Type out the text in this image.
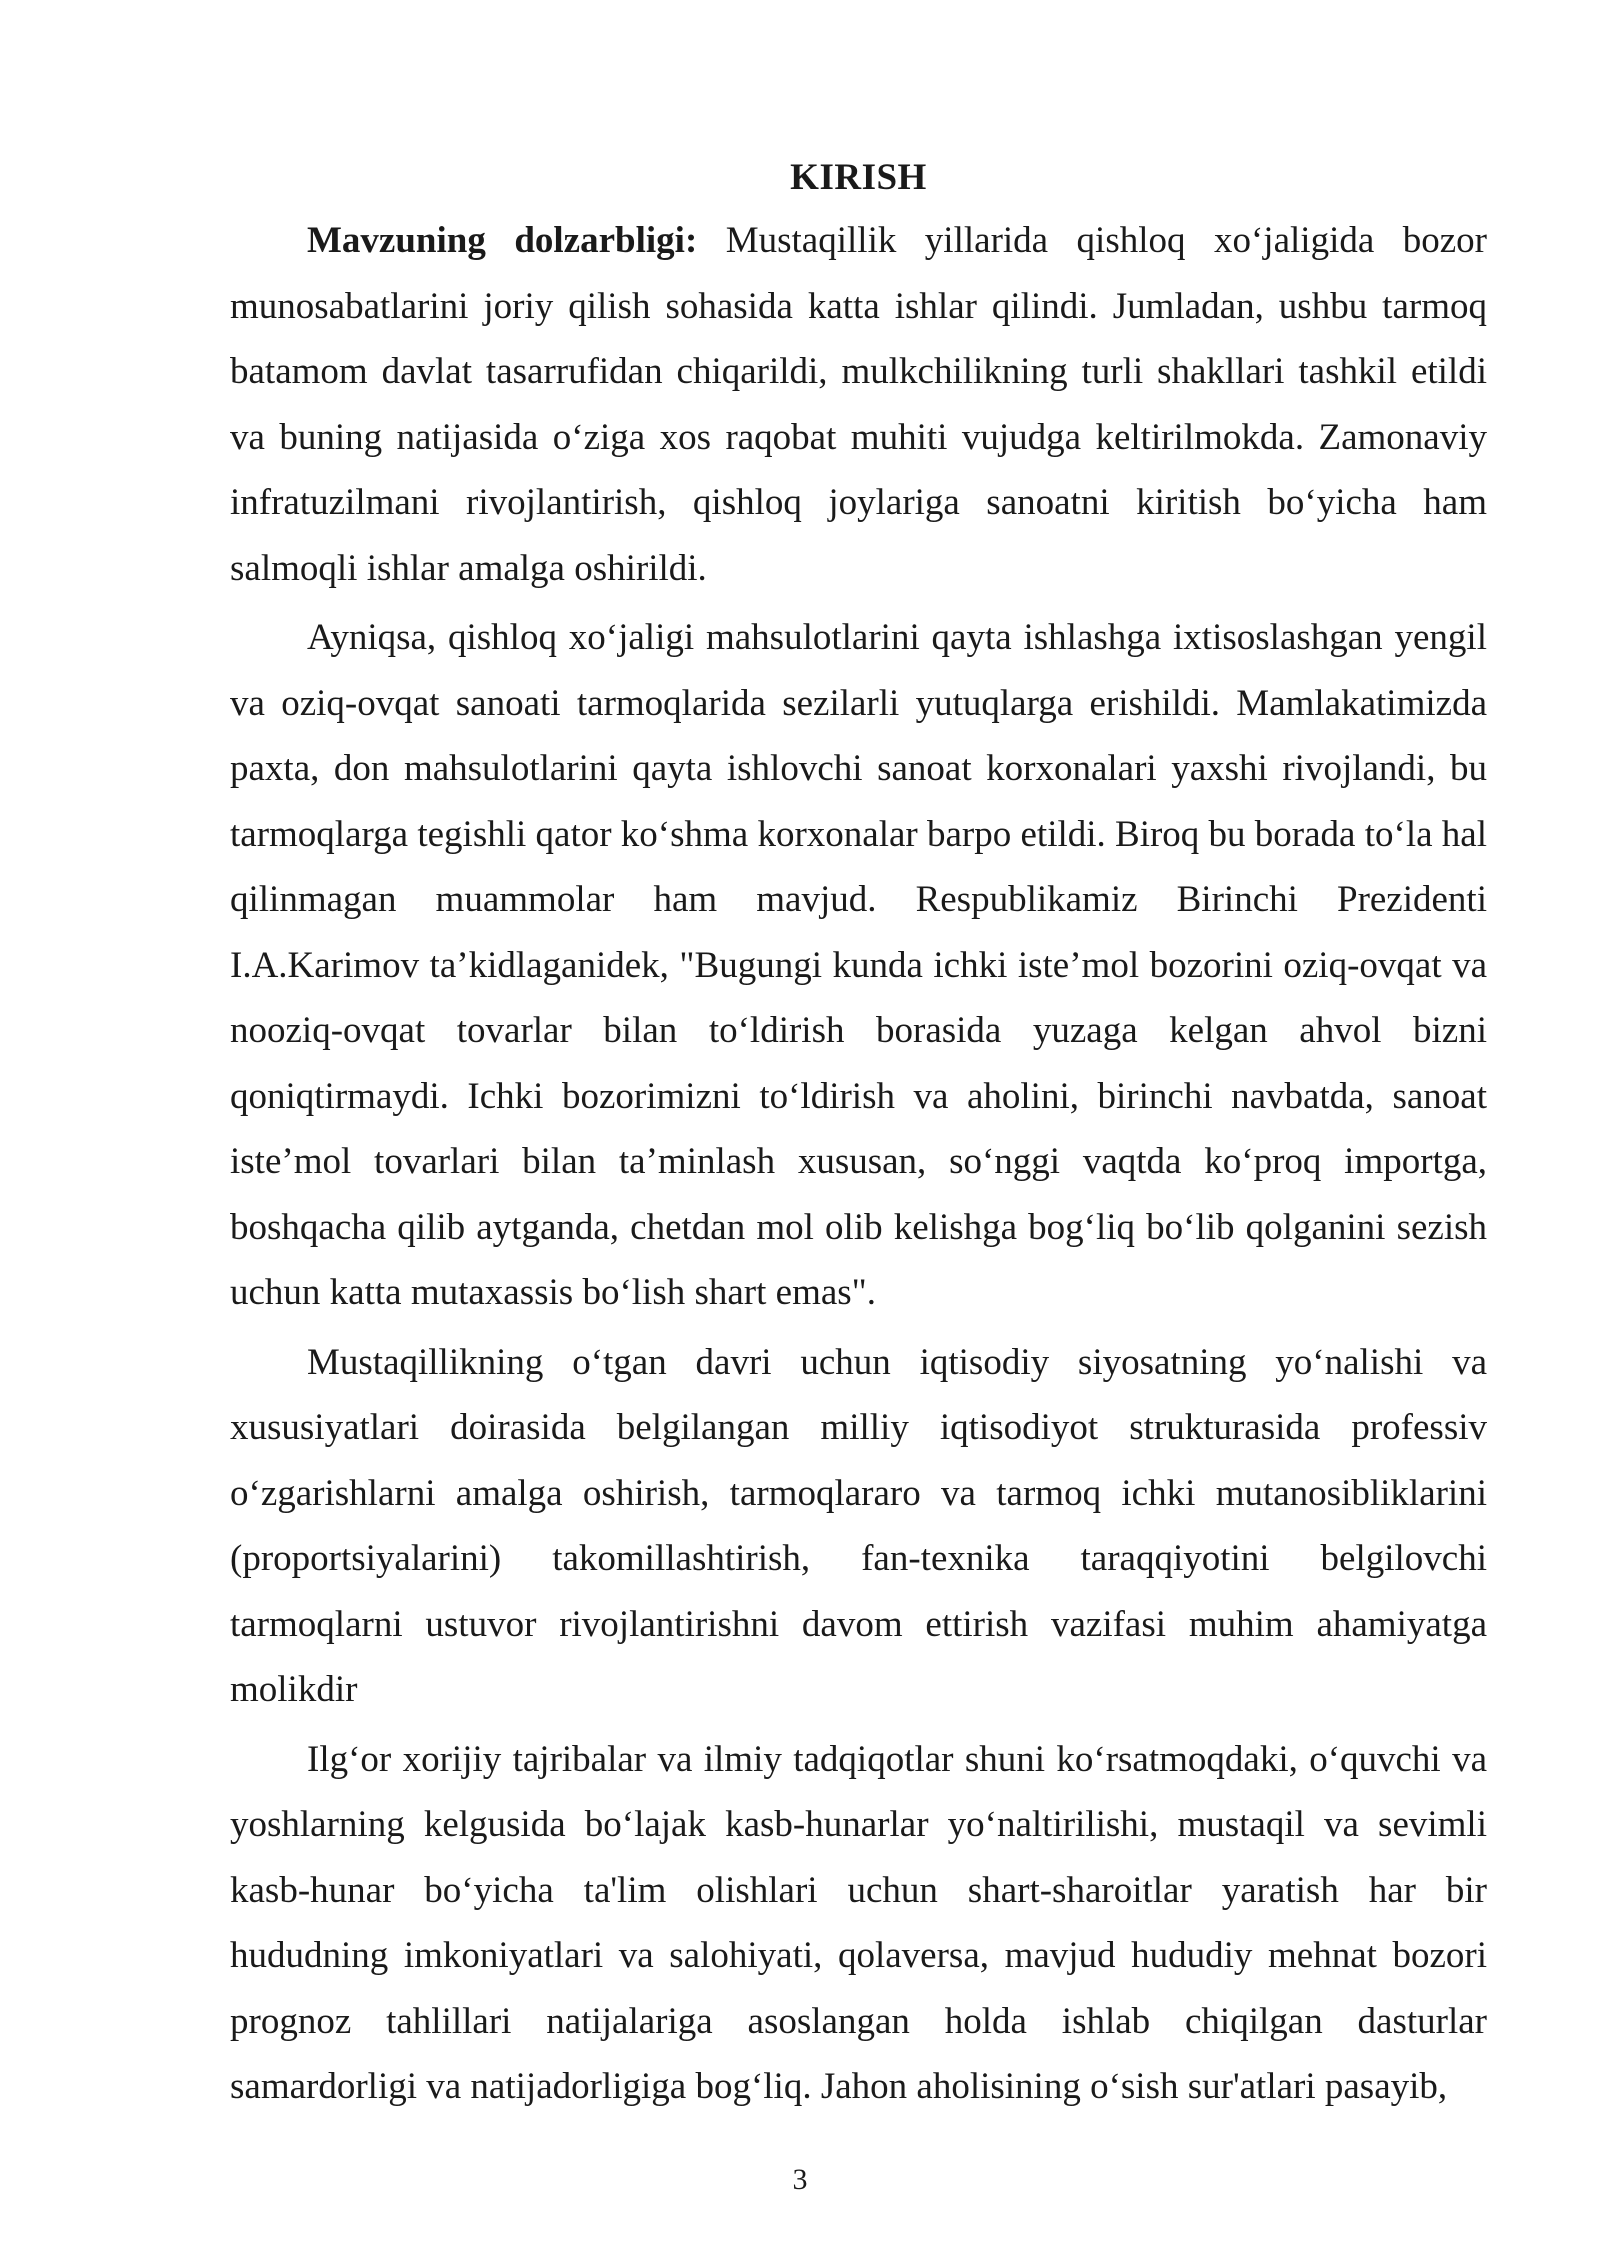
KIRISH

Mavzuning dolzarbligi: Mustaqillik yillarida qishloq xo‘jaligida bozor munosabatlarini joriy qilish sohasida katta ishlar qilindi. Jumladan, ushbu tarmoq batamom davlat tasarrufidan chiqarildi, mulkchilikning turli shakllari tashkil etildi va buning natijasida o‘ziga xos raqobat muhiti vujudga keltirilmokda. Zamonaviy infratuzilmani rivojlantirish, qishloq joylariga sanoatni kiritish bo‘yicha ham salmoqli ishlar amalga oshirildi.

Ayniqsa, qishloq xo‘jaligi mahsulotlarini qayta ishlashga ixtisoslashgan yengil va oziq-ovqat sanoati tarmoqlarida sezilarli yutuqlarga erishildi. Mamlakatimizda paxta, don mahsulotlarini qayta ishlovchi sanoat korxonalari yaxshi rivojlandi, bu tarmoqlarga tegishli qator ko‘shma korxonalar barpo etildi. Biroq bu borada to‘la hal qilinmagan muammolar ham mavjud. Respublikamiz Birinchi Prezidenti I.A.Karimov ta’kidlaganidek, "Bugungi kunda ichki iste’mol bozorini oziq-ovqat va nooziq-ovqat tovarlar bilan to‘ldirish borasida yuzaga kelgan ahvol bizni qoniqtirmaydi. Ichki bozorimizni to‘ldirish va aholini, birinchi navbatda, sanoat iste’mol tovarlari bilan ta’minlash xususan, so‘nggi vaqtda ko‘proq importga, boshqacha qilib aytganda, chetdan mol olib kelishga bog‘liq bo‘lib qolganini sezish uchun katta mutaxassis bo‘lish shart emas".

Mustaqillikning o‘tgan davri uchun iqtisodiy siyosatning yo‘nalishi va xususiyatlari doirasida belgilangan milliy iqtisodiyot strukturasida professiv o‘zgarishlarni amalga oshirish, tarmoqlararo va tarmoq ichki mutanosibliklarini (proportsiyalarini) takomillashtirish, fan-texnika taraqqiyotini belgilovchi tarmoqlarni ustuvor rivojlantirishni davom ettirish vazifasi muhim ahamiyatga molikdir

Ilg‘or xorijiy tajribalar va ilmiy tadqiqotlar shuni ko‘rsatmoqdaki, o‘quvchi va yoshlarning kelgusida bo‘lajak kasb-hunarlar yo‘naltirilishi, mustaqil va sevimli kasb-hunar bo‘yicha ta'lim olishlari uchun shart-sharoitlar yaratish har bir hududning imkoniyatlari va salohiyati, qolaversa, mavjud hududiy mehnat bozori prognoz tahlillari natijalariga asoslangan holda ishlab chiqilgan dasturlar samardorligi va natijadorligiga bog‘liq. Jahon aholisining o‘sish sur'atlari pasayib,

3
